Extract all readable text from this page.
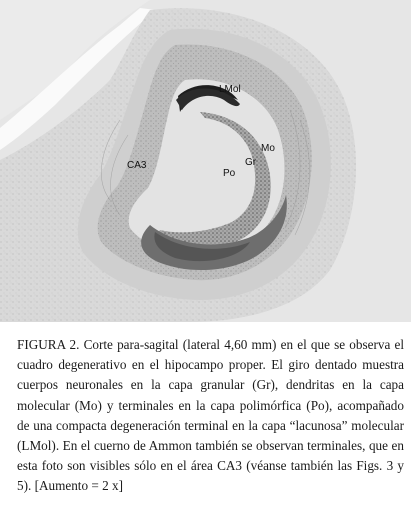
LMol
Mo
Gr
Po
CA3

FIGURA 2. Corte para-sagital (lateral 4,60 mm) en el que se observa el cuadro degenerativo en el hipocampo proper. El giro dentado muestra cuerpos neuronales en la capa granular (Gr), dendritas en la capa molecular (Mo) y terminales en la capa polimórfica (Po), acompañado de una compacta degeneración terminal en la capa “lacunosa” molecular (LMol). En el cuerno de Ammon también se observan terminales, que en esta foto son visibles sólo en el área CA3 (véanse también las Figs. 3 y 5). [Aumento = 2 x]
